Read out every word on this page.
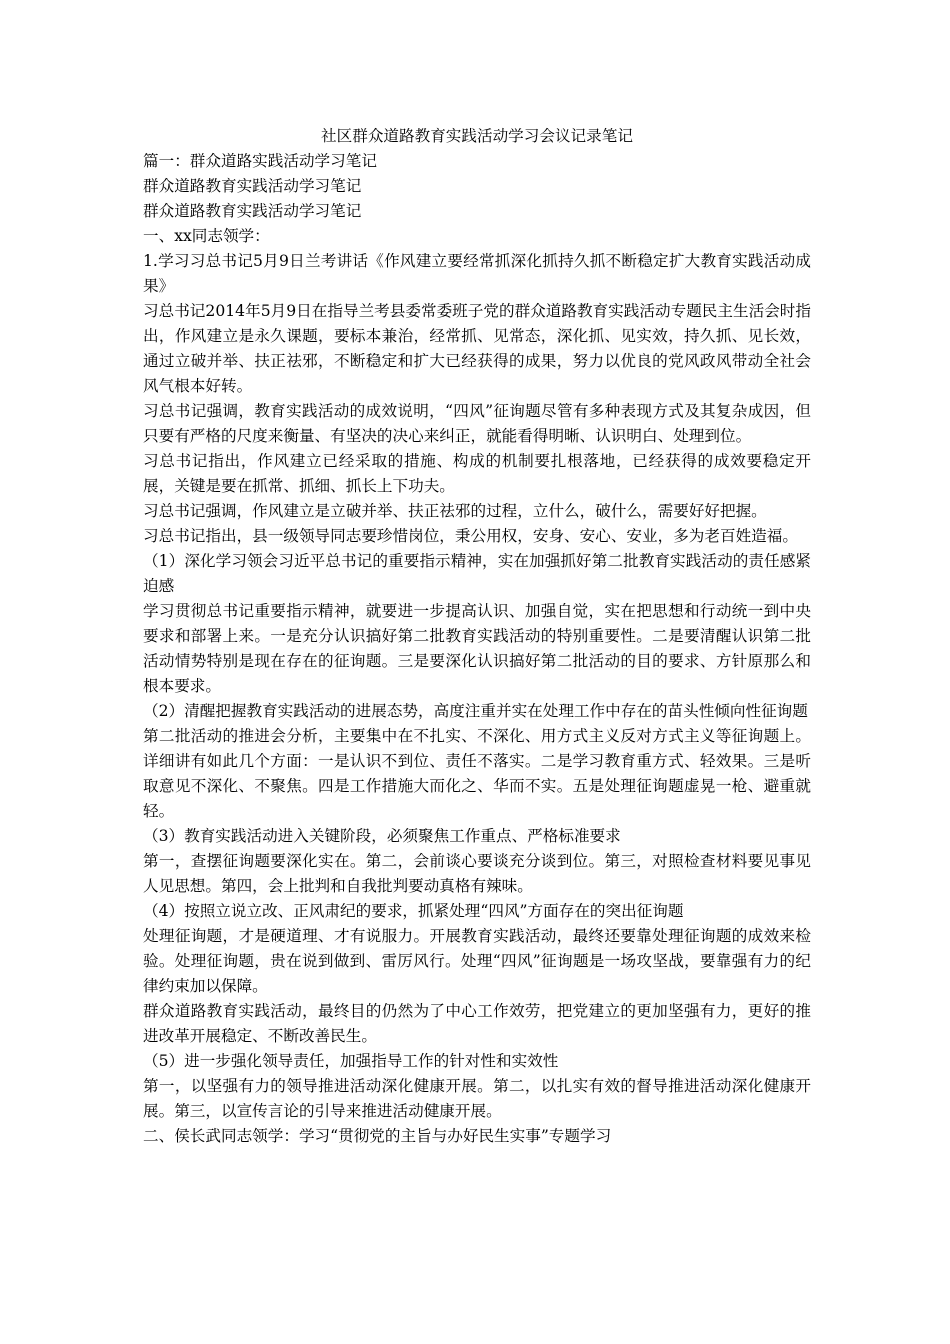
社区群众道路教育实践活动学习会议记录笔记

篇一：群众道路实践活动学习笔记

群众道路教育实践活动学习笔记

群众道路教育实践活动学习笔记

一、xx同志领学：

1.学习习总书记5月9日兰考讲话《作风建立要经常抓深化抓持久抓不断稳定扩大教育实践活动成果》

习总书记2014年5月9日在指导兰考县委常委班子党的群众道路教育实践活动专题民主生活会时指出，作风建立是永久课题，要标本兼治，经常抓、见常态，深化抓、见实效，持久抓、见长效，通过立破并举、扶正祛邪，不断稳定和扩大已经获得的成果，努力以优良的党风政风带动全社会风气根本好转。

习总书记强调，教育实践活动的成效说明，“四风”征询题尽管有多种表现方式及其复杂成因，但只要有严格的尺度来衡量、有坚决的决心来纠正，就能看得明晰、认识明白、处理到位。

习总书记指出，作风建立已经采取的措施、构成的机制要扎根落地，已经获得的成效要稳定开展，关键是要在抓常、抓细、抓长上下功夫。

习总书记强调，作风建立是立破并举、扶正祛邪的过程，立什么，破什么，需要好好把握。

习总书记指出，县一级领导同志要珍惜岗位，秉公用权，安身、安心、安业，多为老百姓造福。

（1）深化学习领会习近平总书记的重要指示精神，实在加强抓好第二批教育实践活动的责任感紧迫感

学习贯彻总书记重要指示精神，就要进一步提高认识、加强自觉，实在把思想和行动统一到中央要求和部署上来。一是充分认识搞好第二批教育实践活动的特别重要性。二是要清醒认识第二批活动情势特别是现在存在的征询题。三是要深化认识搞好第二批活动的目的要求、方针原那么和根本要求。

（2）清醒把握教育实践活动的进展态势，高度注重并实在处理工作中存在的苗头性倾向性征询题

第二批活动的推进会分析，主要集中在不扎实、不深化、用方式主义反对方式主义等征询题上。详细讲有如此几个方面：一是认识不到位、责任不落实。二是学习教育重方式、轻效果。三是听取意见不深化、不聚焦。四是工作措施大而化之、华而不实。五是处理征询题虚晃一枪、避重就轻。

（3）教育实践活动进入关键阶段，必须聚焦工作重点、严格标准要求

第一，查摆征询题要深化实在。第二，会前谈心要谈充分谈到位。第三，对照检查材料要见事见人见思想。第四，会上批判和自我批判要动真格有辣味。

（4）按照立说立改、正风肃纪的要求，抓紧处理“四风”方面存在的突出征询题

处理征询题，才是硬道理、才有说服力。开展教育实践活动，最终还要靠处理征询题的成效来检验。处理征询题，贵在说到做到、雷厉风行。处理“四风”征询题是一场攻坚战，要靠强有力的纪律约束加以保障。

群众道路教育实践活动，最终目的仍然为了中心工作效劳，把党建立的更加坚强有力，更好的推进改革开展稳定、不断改善民生。

（5）进一步强化领导责任，加强指导工作的针对性和实效性

第一，以坚强有力的领导推进活动深化健康开展。第二，以扎实有效的督导推进活动深化健康开展。第三，以宣传言论的引导来推进活动健康开展。

二、侯长武同志领学：学习“贯彻党的主旨与办好民生实事”专题学习
